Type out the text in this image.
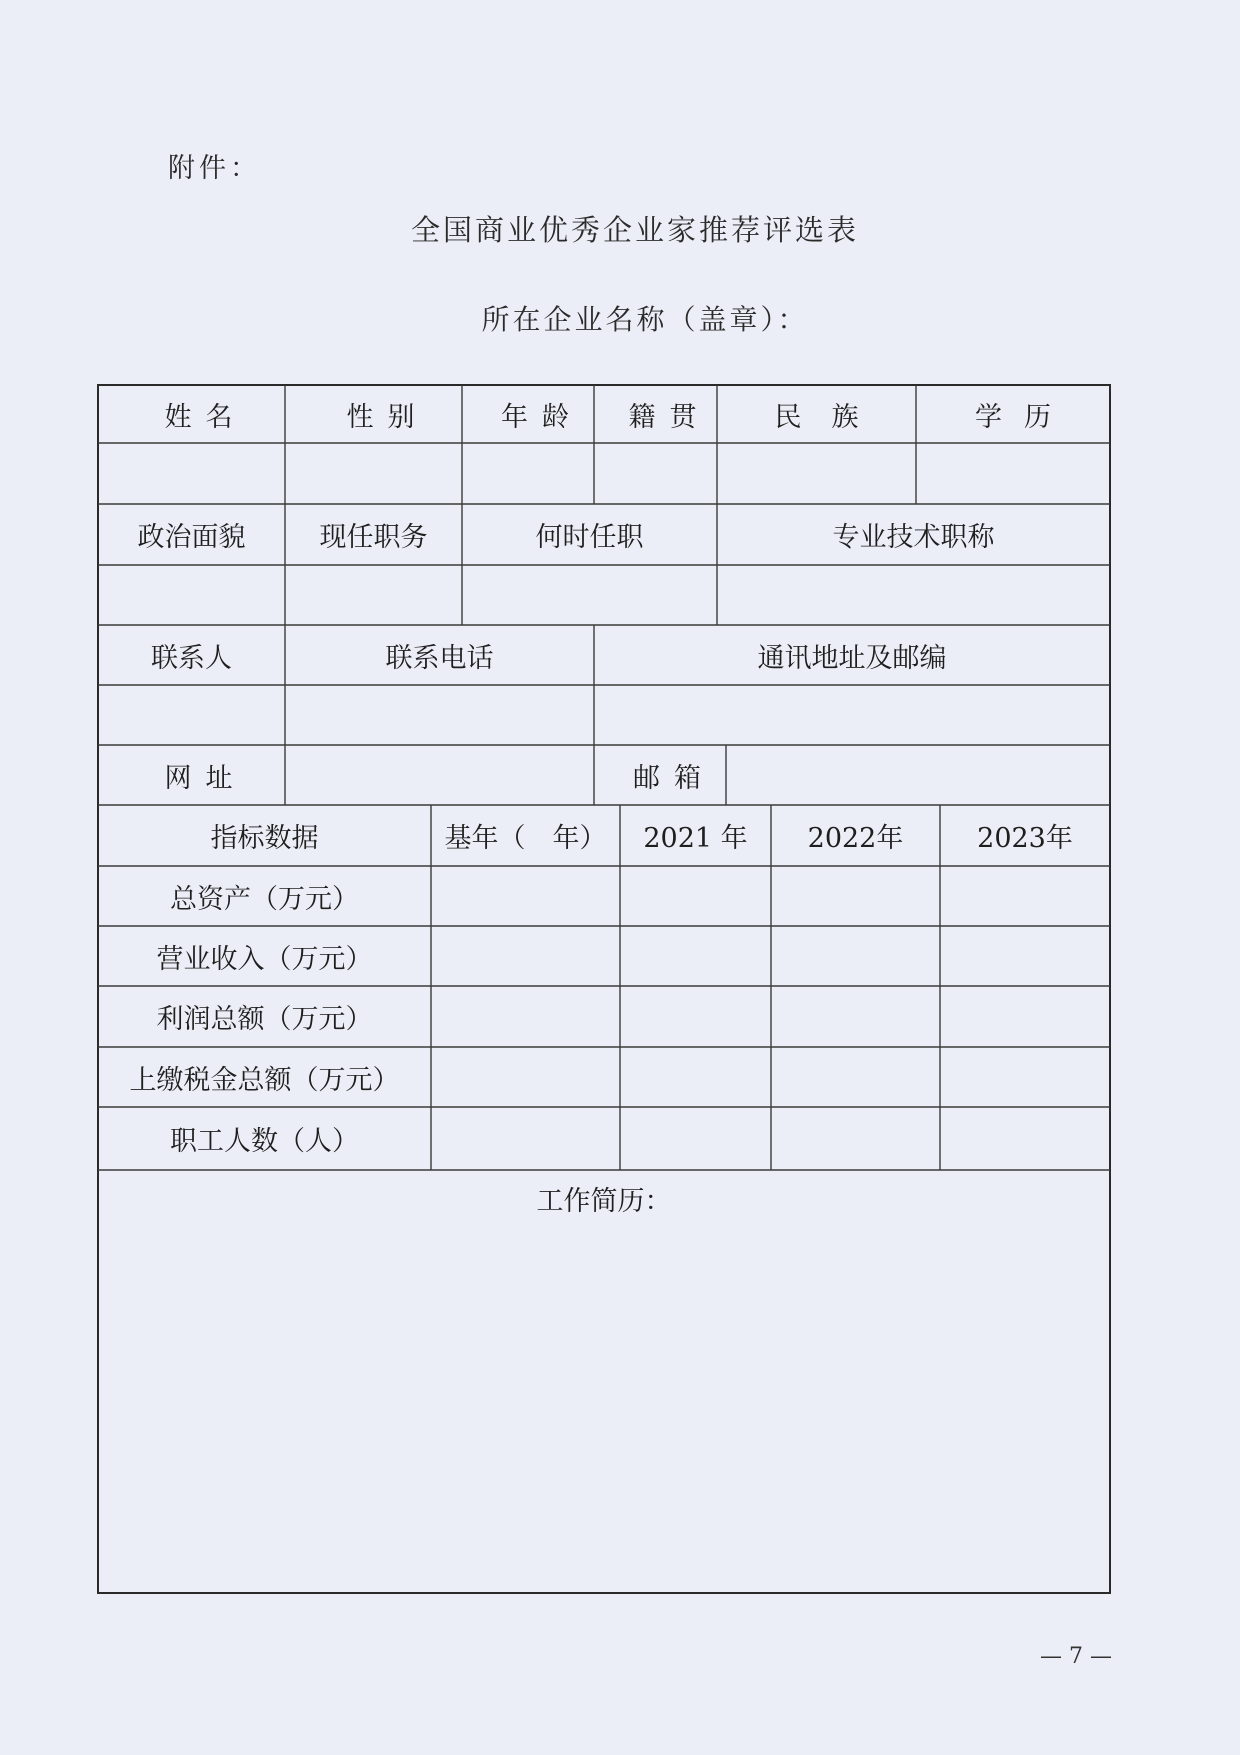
附件：
全国商业优秀企业家推荐评选表
所在企业名称（盖章）：
姓名	性别	年龄	籍贯	民族	学历
政治面貌	现任职务	何时任职	专业技术职称
联系人	联系电话	通讯地址及邮编
网址	邮箱
指标数据	基年（　年）	2021 年	2022年	2023年
总资产（万元）
营业收入（万元）
利润总额（万元）
上缴税金总额（万元）
职工人数（人）
工作简历：
— 7 —
